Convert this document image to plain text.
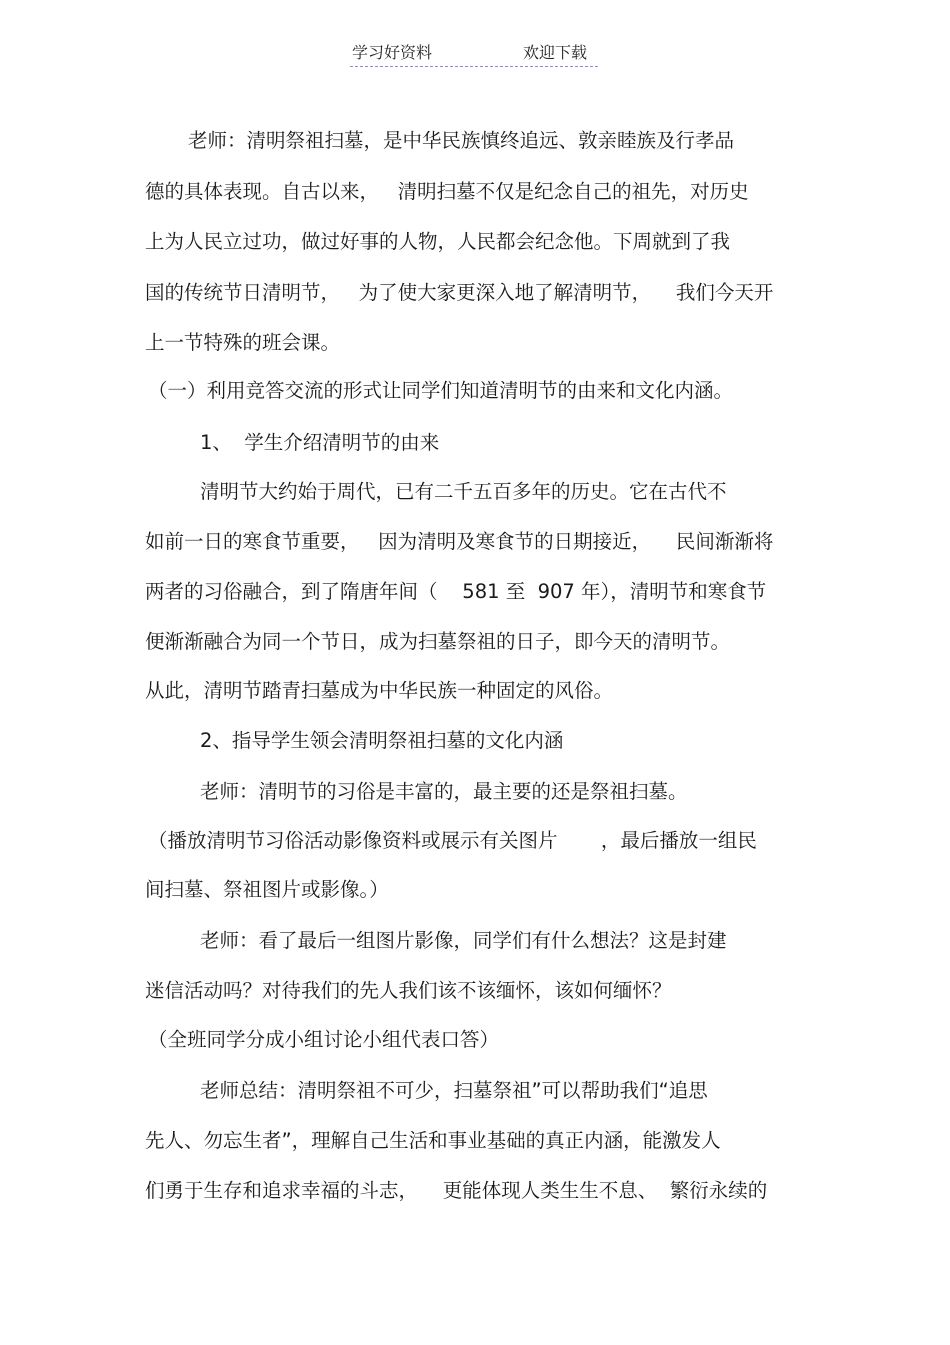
学习好资料	欢迎下载
老师：清明祭祖扫墓，是中华民族慎终追远、敦亲睦族及行孝品
德的具体表现。自古以来，   清明扫墓不仅是纪念自己的祖先，对历史
上为人民立过功，做过好事的人物，人民都会纪念他。下周就到了我
国的传统节日清明节，   为了使大家更深入地了解清明节，    我们今天开
上一节特殊的班会课。
（一）利用竞答交流的形式让同学们知道清明节的由来和文化内涵。
1、  学生介绍清明节的由来
清明节大约始于周代，已有二千五百多年的历史。它在古代不
如前一日的寒食节重要，   因为清明及寒食节的日期接近，    民间渐渐将
两者的习俗融合，到了隋唐年间（    581 至  907 年），清明节和寒食节
便渐渐融合为同一个节日，成为扫墓祭祖的日子，即今天的清明节。
从此，清明节踏青扫墓成为中华民族一种固定的风俗。
2、指导学生领会清明祭祖扫墓的文化内涵
老师：清明节的习俗是丰富的，最主要的还是祭祖扫墓。
（播放清明节习俗活动影像资料或展示有关图片       ，最后播放一组民
间扫墓、祭祖图片或影像。）
老师：看了最后一组图片影像，同学们有什么想法？这是封建
迷信活动吗？对待我们的先人我们该不该缅怀，该如何缅怀？
（全班同学分成小组讨论小组代表口答）
老师总结：清明祭祖不可少，扫墓祭祖”可以帮助我们“追思
先人、勿忘生者”，理解自己生活和事业基础的真正内涵，能激发人
们勇于生存和追求幸福的斗志，    更能体现人类生生不息、  繁衍永续的
